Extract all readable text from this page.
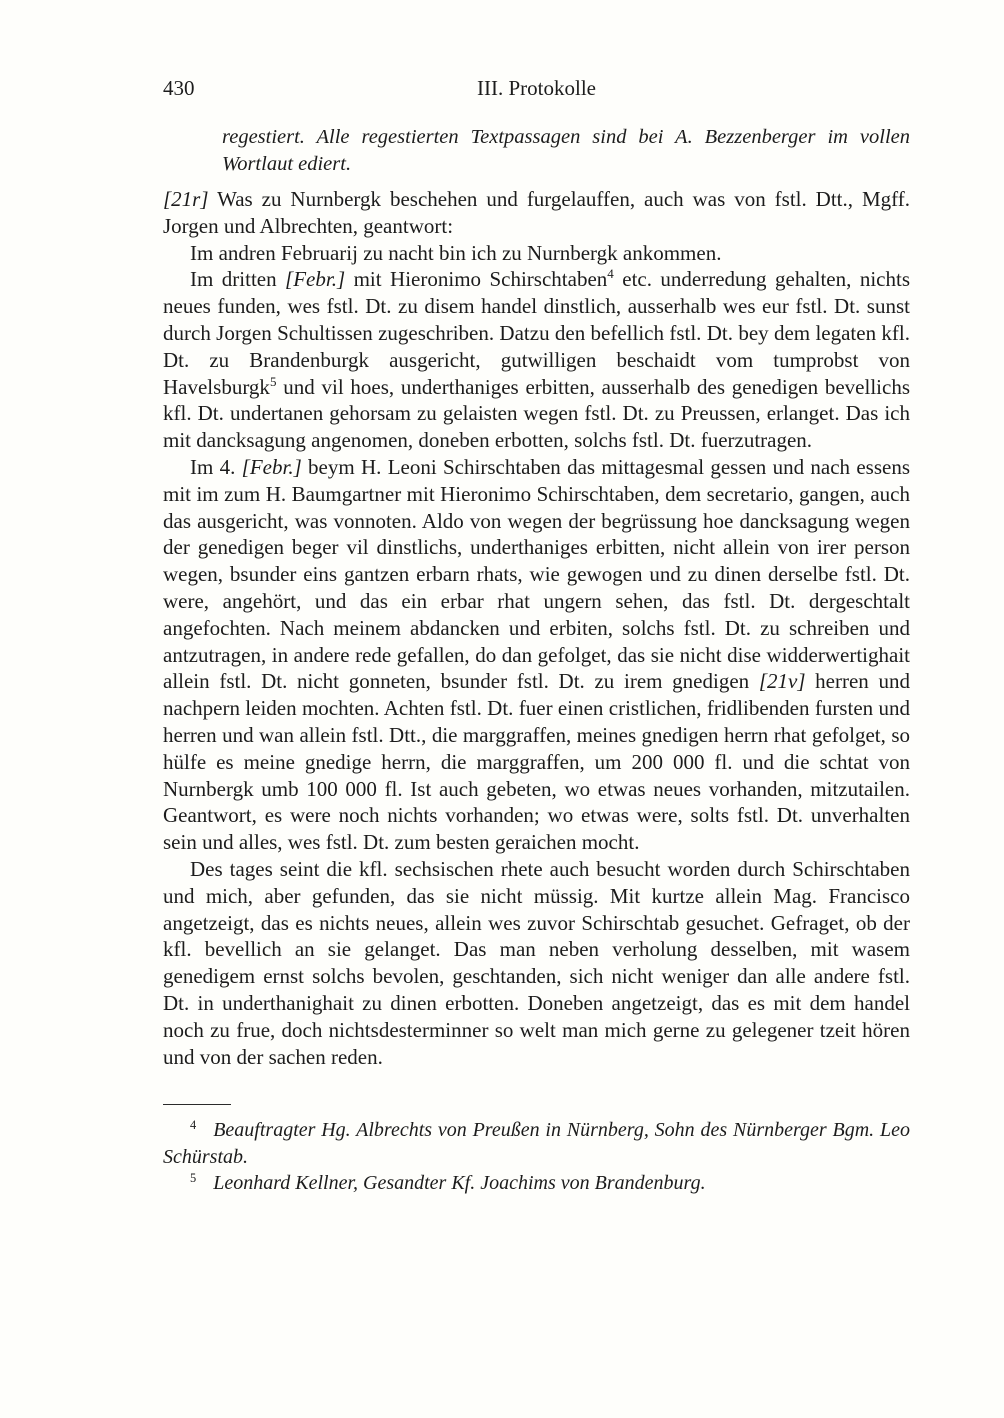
430	III. Protokolle

regestiert. Alle regestierten Textpassagen sind bei A. Bezzenberger im vollen Wortlaut ediert.

[21r] Was zu Nurnbergk beschehen und furgelauffen, auch was von fstl. Dtt., Mgff. Jorgen und Albrechten, geantwort:

Im andren Februarij zu nacht bin ich zu Nurnbergk ankommen.

Im dritten [Febr.] mit Hieronimo Schirschtaben$^4$ etc. underredung gehalten, nichts neues funden, wes fstl. Dt. zu disem handel dinstlich, ausserhalb wes eur fstl. Dt. sunst durch Jorgen Schultissen zugeschriben. Datzu den befellich fstl. Dt. bey dem legaten kfl. Dt. zu Brandenburgk ausgericht, gutwilligen beschaidt vom tumprobst von Havelsburgk$^5$ und vil hoes, underthaniges erbitten, ausserhalb des genedigen bevellichs kfl. Dt. undertanen gehorsam zu gelaisten wegen fstl. Dt. zu Preussen, erlanget. Das ich mit dancksagung angenomen, doneben erbotten, solchs fstl. Dt. fuerzutragen.

Im 4. [Febr.] beym H. Leoni Schirschtaben das mittagesmal gessen und nach essens mit im zum H. Baumgartner mit Hieronimo Schirschtaben, dem secretario, gangen, auch das ausgericht, was vonnoten. Aldo von wegen der begrüssung hoe dancksagung wegen der genedigen beger vil dinstlichs, underthaniges erbitten, nicht allein von irer person wegen, bsunder eins gantzen erbarn rhats, wie gewogen und zu dinen derselbe fstl. Dt. were, angehört, und das ein erbar rhat ungern sehen, das fstl. Dt. dergeschtalt angefochten. Nach meinem abdancken und erbiten, solchs fstl. Dt. zu schreiben und antzutragen, in andere rede gefallen, do dan gefolget, das sie nicht dise widderwertighait allein fstl. Dt. nicht gonneten, bsunder fstl. Dt. zu irem gnedigen [21v] herren und nachpern leiden mochten. Achten fstl. Dt. fuer einen cristlichen, fridlibenden fursten und herren und wan allein fstl. Dtt., die marggraffen, meines gnedigen herrn rhat gefolget, so hülfe es meine gnedige herrn, die marggraffen, um 200 000 fl. und die schtat von Nurnbergk umb 100 000 fl. Ist auch gebeten, wo etwas neues vorhanden, mitzutailen. Geantwort, es were noch nichts vorhanden; wo etwas were, solts fstl. Dt. unverhalten sein und alles, wes fstl. Dt. zum besten geraichen mocht.

Des tages seint die kfl. sechsischen rhete auch besucht worden durch Schirschtaben und mich, aber gefunden, das sie nicht müssig. Mit kurtze allein Mag. Francisco angetzeigt, das es nichts neues, allein wes zuvor Schirschtab gesuchet. Gefraget, ob der kfl. bevellich an sie gelanget. Das man neben verholung desselben, mit wasem genedigem ernst solchs bevolen, geschtanden, sich nicht weniger dan alle andere fstl. Dt. in underthanighait zu dinen erbotten. Doneben angetzeigt, das es mit dem handel noch zu frue, doch nichtsdesterminner so welt man mich gerne zu gelegener tzeit hören und von der sachen reden.

$^4$ Beauftragter Hg. Albrechts von Preußen in Nürnberg, Sohn des Nürnberger Bgm. Leo Schürstab.

$^5$ Leonhard Kellner, Gesandter Kf. Joachims von Brandenburg.
